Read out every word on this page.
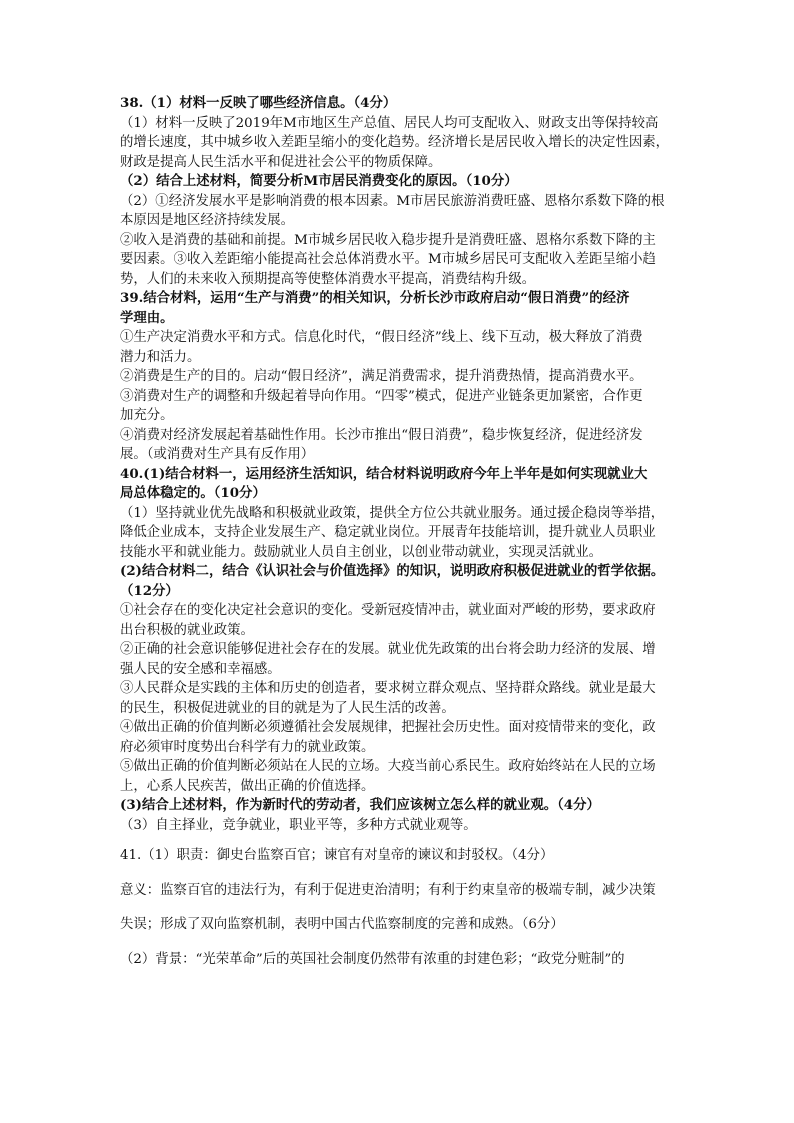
38.（1）材料一反映了哪些经济信息。（4分）
（1）材料一反映了2019年M市地区生产总值、居民人均可支配收入、财政支出等保持较高
的增长速度，其中城乡收入差距呈缩小的变化趋势。经济增长是居民收入增长的决定性因素，
财政是提高人民生活水平和促进社会公平的物质保障。
（2）结合上述材料，简要分析M市居民消费变化的原因。（10分）
（2）①经济发展水平是影响消费的根本因素。M市居民旅游消费旺盛、恩格尔系数下降的根
本原因是地区经济持续发展。
②收入是消费的基础和前提。M市城乡居民收入稳步提升是消费旺盛、恩格尔系数下降的主
要因素。③收入差距缩小能提高社会总体消费水平。M市城乡居民可支配收入差距呈缩小趋
势，人们的未来收入预期提高等使整体消费水平提高，消费结构升级。
39.结合材料，运用“生产与消费”的相关知识，分析长沙市政府启动“假日消费”的经济
学理由。
①生产决定消费水平和方式。信息化时代，“假日经济”线上、线下互动，极大释放了消费
潜力和活力。
②消费是生产的目的。启动“假日经济”，满足消费需求，提升消费热情，提高消费水平。
③消费对生产的调整和升级起着导向作用。“四零”模式，促进产业链条更加紧密，合作更
加充分。
④消费对经济发展起着基础性作用。长沙市推出“假日消费”，稳步恢复经济，促进经济发
展。（或消费对生产具有反作用）
40.(1)结合材料一，运用经济生活知识，结合材料说明政府今年上半年是如何实现就业大
局总体稳定的。（10分）
（1）坚持就业优先战略和积极就业政策，提供全方位公共就业服务。通过援企稳岗等举措，
降低企业成本，支持企业发展生产、稳定就业岗位。开展青年技能培训，提升就业人员职业
技能水平和就业能力。鼓励就业人员自主创业，以创业带动就业，实现灵活就业。
(2)结合材料二，结合《认识社会与价值选择》的知识，说明政府积极促进就业的哲学依据。
（12分）
①社会存在的变化决定社会意识的变化。受新冠疫情冲击，就业面对严峻的形势，要求政府
出台积极的就业政策。
②正确的社会意识能够促进社会存在的发展。就业优先政策的出台将会助力经济的发展、增
强人民的安全感和幸福感。
③人民群众是实践的主体和历史的创造者，要求树立群众观点、坚持群众路线。就业是最大
的民生，积极促进就业的目的就是为了人民生活的改善。
④做出正确的价值判断必须遵循社会发展规律，把握社会历史性。面对疫情带来的变化，政
府必须审时度势出台科学有力的就业政策。
⑤做出正确的价值判断必须站在人民的立场。大疫当前心系民生。政府始终站在人民的立场
上，心系人民疾苦，做出正确的价值选择。
(3)结合上述材料，作为新时代的劳动者，我们应该树立怎么样的就业观。（4分）
（3）自主择业，竞争就业，职业平等，多种方式就业观等。
41.（1）职责：御史台监察百官；谏官有对皇帝的谏议和封驳权。（4分）
意义：监察百官的违法行为，有利于促进吏治清明；有利于约束皇帝的极端专制，减少决策
失误；形成了双向监察机制，表明中国古代监察制度的完善和成熟。（6分）
（2）背景：“光荣革命”后的英国社会制度仍然带有浓重的封建色彩；“政党分赃制”的
